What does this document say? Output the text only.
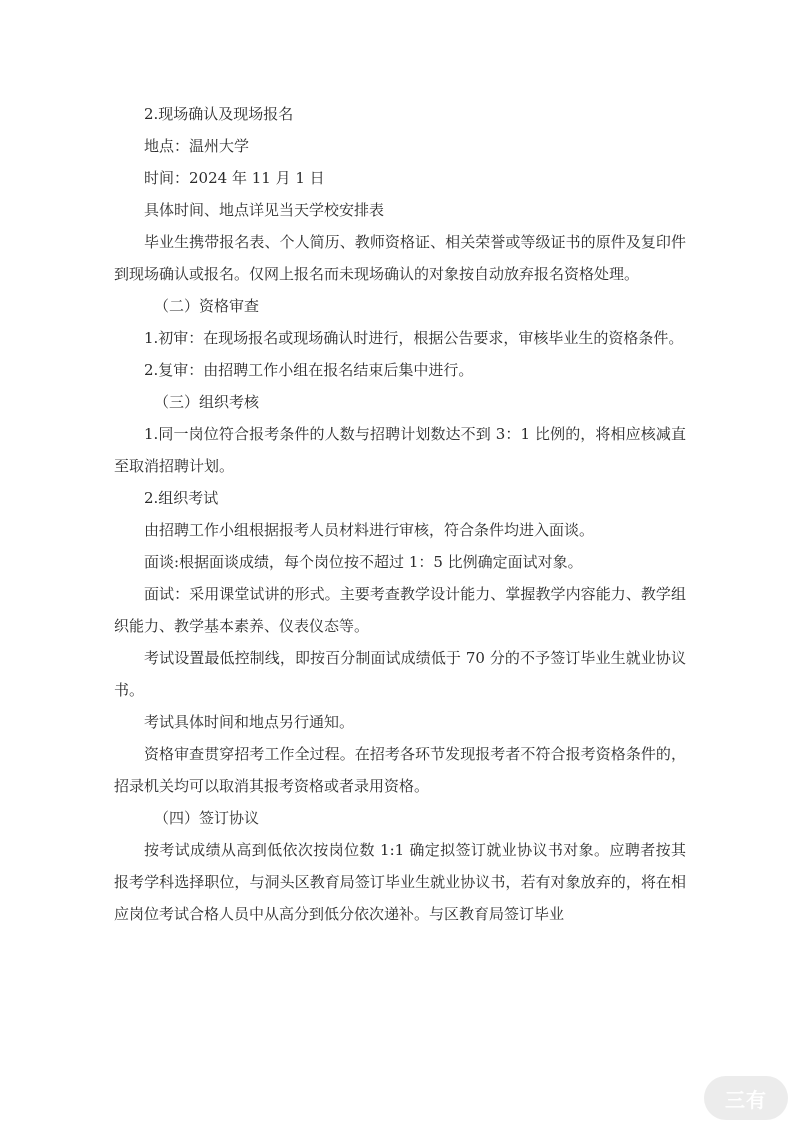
2.现场确认及现场报名

地点：温州大学

时间：2024 年 11 月 1 日

具体时间、地点详见当天学校安排表

毕业生携带报名表、个人简历、教师资格证、相关荣誉或等级证书的原件及复印件到现场确认或报名。仅网上报名而未现场确认的对象按自动放弃报名资格处理。

（二）资格审查

1.初审：在现场报名或现场确认时进行，根据公告要求，审核毕业生的资格条件。

2.复审：由招聘工作小组在报名结束后集中进行。

（三）组织考核

1.同一岗位符合报考条件的人数与招聘计划数达不到 3：1 比例的，将相应核减直至取消招聘计划。

2.组织考试

由招聘工作小组根据报考人员材料进行审核，符合条件均进入面谈。

面谈:根据面谈成绩，每个岗位按不超过 1：5 比例确定面试对象。

面试：采用课堂试讲的形式。主要考查教学设计能力、掌握教学内容能力、教学组织能力、教学基本素养、仪表仪态等。

考试设置最低控制线，即按百分制面试成绩低于 70 分的不予签订毕业生就业协议书。

考试具体时间和地点另行通知。

资格审查贯穿招考工作全过程。在招考各环节发现报考者不符合报考资格条件的，招录机关均可以取消其报考资格或者录用资格。

（四）签订协议

按考试成绩从高到低依次按岗位数 1:1 确定拟签订就业协议书对象。应聘者按其报考学科选择职位，与洞头区教育局签订毕业生就业协议书，若有对象放弃的，将在相应岗位考试合格人员中从高分到低分依次递补。与区教育局签订毕业

三有
